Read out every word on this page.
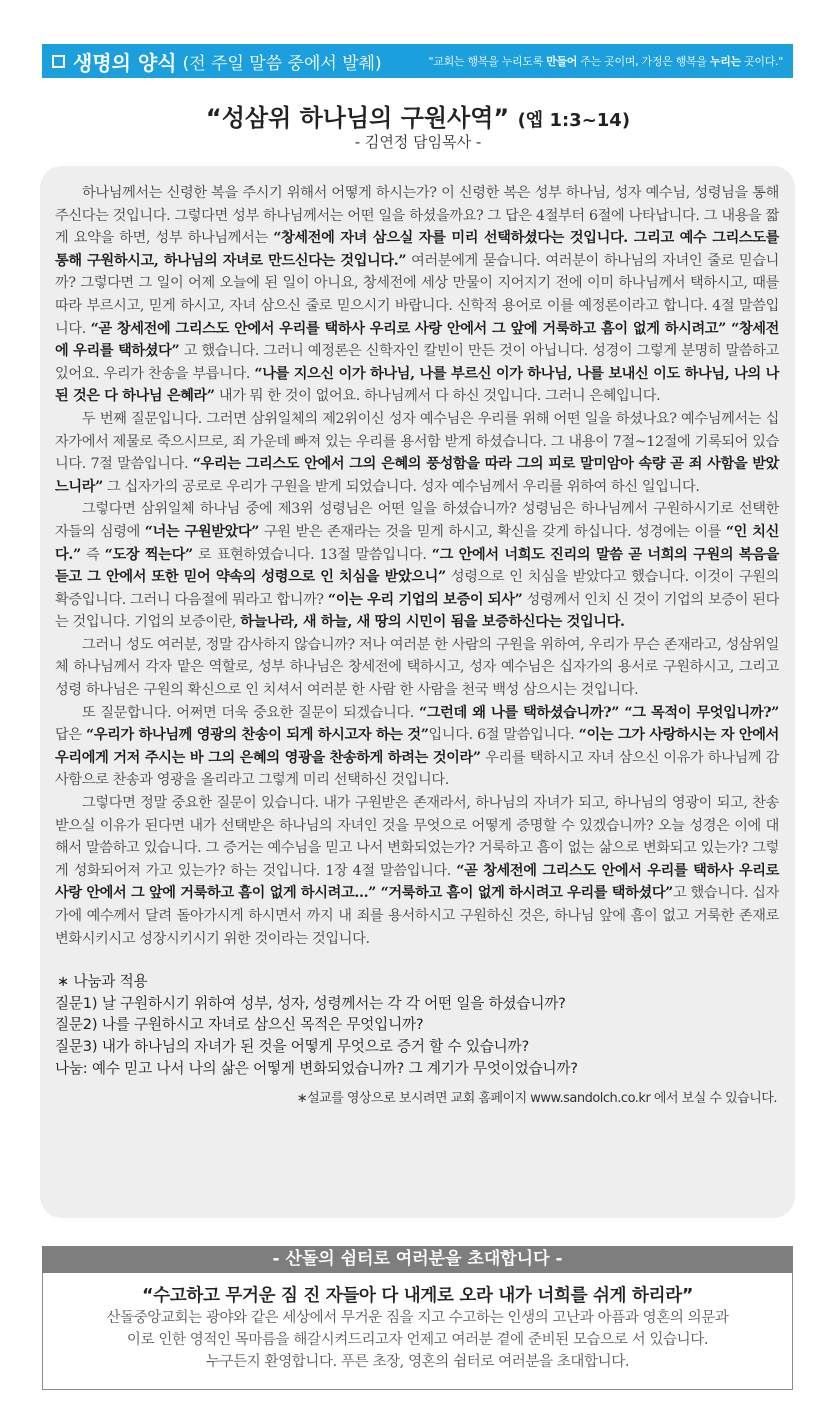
생명의 양식 (전 주일 말씀 중에서 발췌)	"교회는 행복을 누리도록 만들어 주는 곳이며, 가정은 행복을 누리는 곳이다."
“성삼위 하나님의 구원사역” (엡 1:3~14)
- 김연정 담임목사 -

하나님께서는 신령한 복을 주시기 위해서 어떻게 하시는가? 이 신령한 복은 성부 하나님, 성자 예수님, 성령님을 통해 주신다는 것입니다. 그렇다면 성부 하나님께서는 어떤 일을 하셨을까요? 그 답은 4절부터 6절에 나타납니다. 그 내용을 짧게 요약을 하면, 성부 하나님께서는 “창세전에 자녀 삼으실 자를 미리 선택하셨다는 것입니다. 그리고 예수 그리스도를 통해 구원하시고, 하나님의 자녀로 만드신다는 것입니다.” 여러분에게 묻습니다. 여러분이 하나님의 자녀인 줄로 믿습니까? 그렇다면 그 일이 어제 오늘에 된 일이 아니요, 창세전에 세상 만물이 지어지기 전에 이미 하나님께서 택하시고, 때를 따라 부르시고, 믿게 하시고, 자녀 삼으신 줄로 믿으시기 바랍니다. 신학적 용어로 이를 예정론이라고 합니다. 4절 말씀입니다. “곧 창세전에 그리스도 안에서 우리를 택하사 우리로 사랑 안에서 그 앞에 거룩하고 흠이 없게 하시려고” “창세전에 우리를 택하셨다” 고 했습니다. 그러니 예정론은 신학자인 칼빈이 만든 것이 아닙니다. 성경이 그렇게 분명히 말씀하고 있어요. 우리가 찬송을 부릅니다. “나를 지으신 이가 하나님, 나를 부르신 이가 하나님, 나를 보내신 이도 하나님, 나의 나 된 것은 다 하나님 은혜라” 내가 뭐 한 것이 없어요. 하나님께서 다 하신 것입니다. 그러니 은혜입니다.

두 번째 질문입니다. 그러면 삼위일체의 제2위이신 성자 예수님은 우리를 위해 어떤 일을 하셨나요? 예수님께서는 십자가에서 제물로 죽으시므로, 죄 가운데 빠져 있는 우리를 용서함 받게 하셨습니다. 그 내용이 7절~12절에 기록되어 있습니다. 7절 말씀입니다. “우리는 그리스도 안에서 그의 은혜의 풍성함을 따라 그의 피로 말미암아 속량 곧 죄 사함을 받았느니라” 그 십자가의 공로로 우리가 구원을 받게 되었습니다. 성자 예수님께서 우리를 위하여 하신 일입니다.

그렇다면 삼위일체 하나님 중에 제3위 성령님은 어떤 일을 하셨습니까? 성령님은 하나님께서 구원하시기로 선택한 자들의 심령에 “너는 구원받았다” 구원 받은 존재라는 것을 믿게 하시고, 확신을 갖게 하십니다. 성경에는 이를 “인 치신다.” 즉 “도장 찍는다” 로 표현하였습니다. 13절 말씀입니다. “그 안에서 너희도 진리의 말씀 곧 너희의 구원의 복음을 듣고 그 안에서 또한 믿어 약속의 성령으로 인 치심을 받았으니” 성령으로 인 치심을 받았다고 했습니다. 이것이 구원의 확증입니다. 그러니 다음절에 뭐라고 합니까? “이는 우리 기업의 보증이 되사” 성령께서 인치 신 것이 기업의 보증이 된다는 것입니다. 기업의 보증이란, 하늘나라, 새 하늘, 새 땅의 시민이 됨을 보증하신다는 것입니다.

그러니 성도 여러분, 정말 감사하지 않습니까? 저나 여러분 한 사람의 구원을 위하여, 우리가 무슨 존재라고, 성삼위일체 하나님께서 각자 맡은 역할로, 성부 하나님은 창세전에 택하시고, 성자 예수님은 십자가의 용서로 구원하시고, 그리고 성령 하나님은 구원의 확신으로 인 치셔서 여러분 한 사람 한 사람을 천국 백성 삼으시는 것입니다.

또 질문합니다. 어쩌면 더욱 중요한 질문이 되겠습니다. “그런데 왜 나를 택하셨습니까?” “그 목적이 무엇입니까?” 답은 “우리가 하나님께 영광의 찬송이 되게 하시고자 하는 것”입니다. 6절 말씀입니다. “이는 그가 사랑하시는 자 안에서 우리에게 거저 주시는 바 그의 은혜의 영광을 찬송하게 하려는 것이라” 우리를 택하시고 자녀 삼으신 이유가 하나님께 감사함으로 찬송과 영광을 올리라고 그렇게 미리 선택하신 것입니다.

그렇다면 정말 중요한 질문이 있습니다. 내가 구원받은 존재라서, 하나님의 자녀가 되고, 하나님의 영광이 되고, 찬송 받으실 이유가 된다면 내가 선택받은 하나님의 자녀인 것을 무엇으로 어떻게 증명할 수 있겠습니까? 오늘 성경은 이에 대해서 말씀하고 있습니다. 그 증거는 예수님을 믿고 나서 변화되었는가? 거룩하고 흠이 없는 삶으로 변화되고 있는가? 그렇게 성화되어져 가고 있는가? 하는 것입니다. 1장 4절 말씀입니다. “곧 창세전에 그리스도 안에서 우리를 택하사 우리로 사랑 안에서 그 앞에 거룩하고 흠이 없게 하시려고…” “거룩하고 흠이 없게 하시려고 우리를 택하셨다”고 했습니다. 십자가에 예수께서 달려 돌아가시게 하시면서 까지 내 죄를 용서하시고 구원하신 것은, 하나님 앞에 흠이 없고 거룩한 존재로 변화시키시고 성장시키시기 위한 것이라는 것입니다.

∗ 나눔과 적용
질문1) 날 구원하시기 위하여 성부, 성자, 성령께서는 각 각 어떤 일을 하셨습니까?
질문2) 나를 구원하시고 자녀로 삼으신 목적은 무엇입니까?
질문3) 내가 하나님의 자녀가 된 것을 어떻게 무엇으로 증거 할 수 있습니까?
나눔: 예수 믿고 나서 나의 삶은 어떻게 변화되었습니까? 그 계기가 무엇이었습니까?
∗설교를 영상으로 보시려면 교회 홈페이지 www.sandolch.co.kr 에서 보실 수 있습니다.
- 산돌의 쉼터로 여러분을 초대합니다 -
“수고하고 무거운 짐 진 자들아 다 내게로 오라 내가 너희를 쉬게 하리라”
산돌중앙교회는 광야와 같은 세상에서 무거운 짐을 지고 수고하는 인생의 고난과 아픔과 영혼의 의문과
이로 인한 영적인 목마름을 해갈시켜드리고자 언제고 여러분 곁에 준비된 모습으로 서 있습니다.
누구든지 환영합니다. 푸른 초장, 영혼의 쉼터로 여러분을 초대합니다.
